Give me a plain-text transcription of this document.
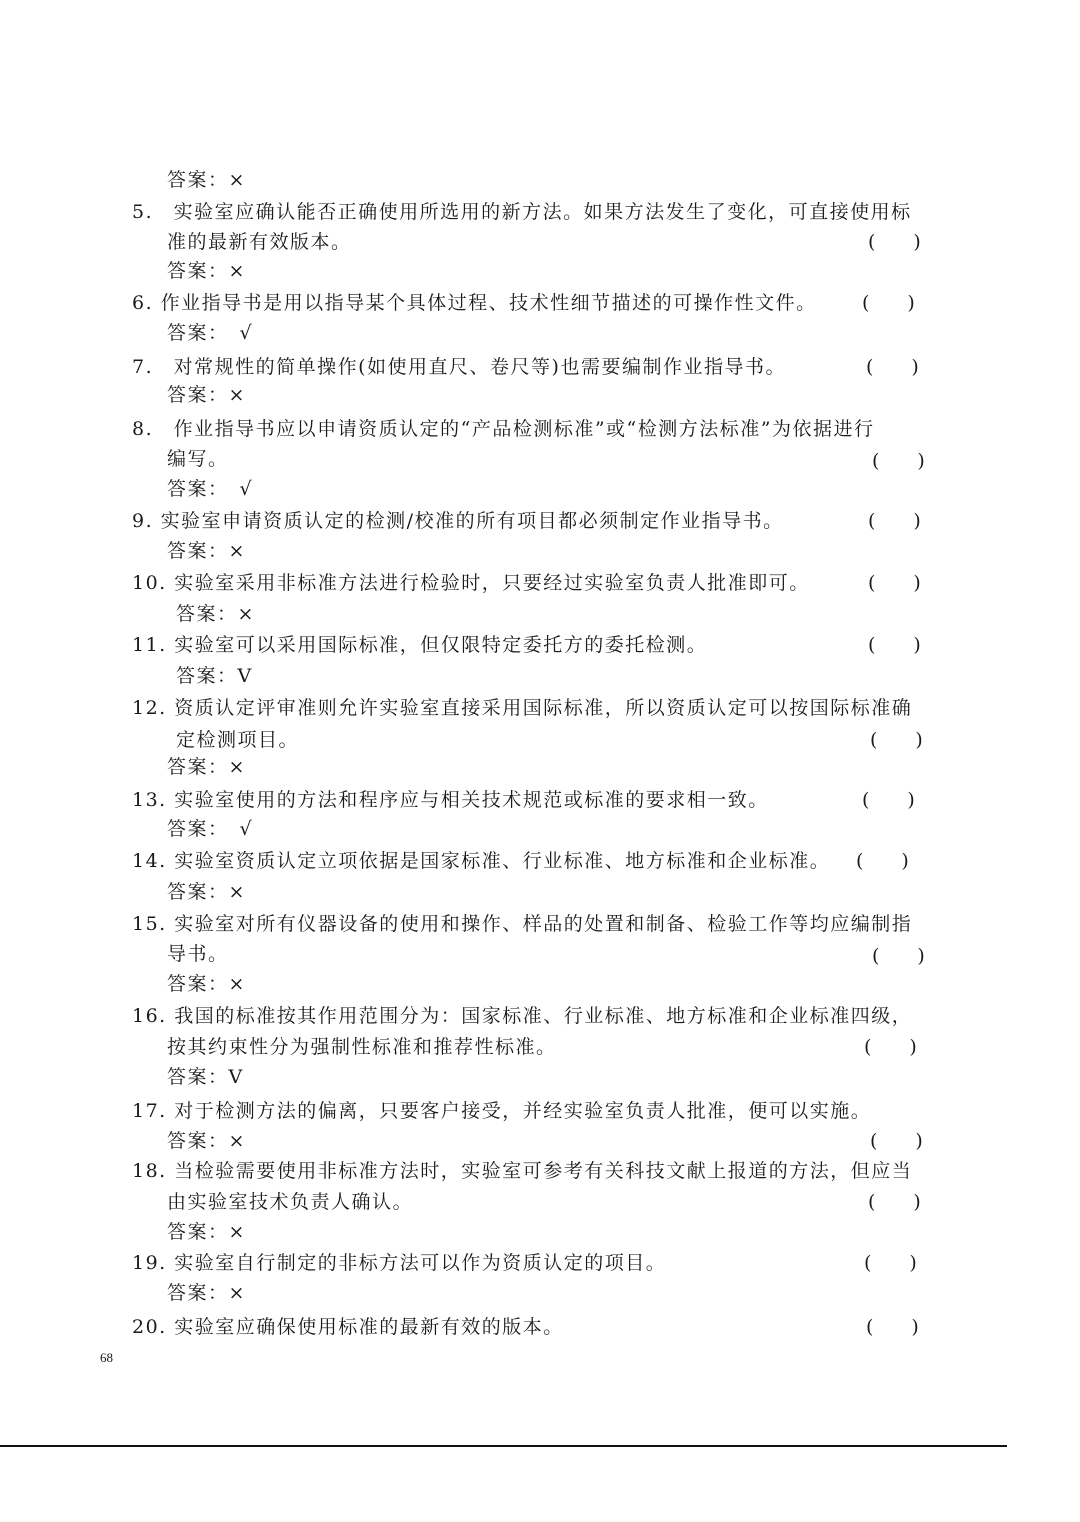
答案：×
5.　实验室应确认能否正确使用所选用的新方法。如果方法发生了变化，可直接使用标
准的最新有效版本。	(　　)
答案：×
6. 作业指导书是用以指导某个具体过程、技术性细节描述的可操作性文件。 (　　)
答案：　√
7.　对常规性的简单操作(如使用直尺、卷尺等)也需要编制作业指导书。	(　　)
答案：×
8.　作业指导书应以申请资质认定的“产品检测标准”或“检测方法标准”为依据进行
编写。	(　　)
答案：　√
9. 实验室申请资质认定的检测/校准的所有项目都必须制定作业指导书。	(　　)
答案：×
10. 实验室采用非标准方法进行检验时，只要经过实验室负责人批准即可。	(　　)
答案：×
11. 实验室可以采用国际标准，但仅限特定委托方的委托检测。	(　　)
答案：V
12. 资质认定评审准则允许实验室直接采用国际标准，所以资质认定可以按国际标准确
定检测项目。	(　　)
答案：×
13. 实验室使用的方法和程序应与相关技术规范或标准的要求相一致。	(　　)
答案：　√
14. 实验室资质认定立项依据是国家标准、行业标准、地方标准和企业标准。 (　　)
答案：×
15. 实验室对所有仪器设备的使用和操作、样品的处置和制备、检验工作等均应编制指
导书。	(　　)
答案：×
16. 我国的标准按其作用范围分为：国家标准、行业标准、地方标准和企业标准四级，
按其约束性分为强制性标准和推荐性标准。	(　　)
答案：V
17. 对于检测方法的偏离，只要客户接受，并经实验室负责人批准，便可以实施。
答案：×	(　　)
18. 当检验需要使用非标准方法时，实验室可参考有关科技文献上报道的方法，但应当
由实验室技术负责人确认。	(　　)
答案：×
19. 实验室自行制定的非标方法可以作为资质认定的项目。	(　　)
答案：×
20. 实验室应确保使用标准的最新有效的版本。	(　　)
68
